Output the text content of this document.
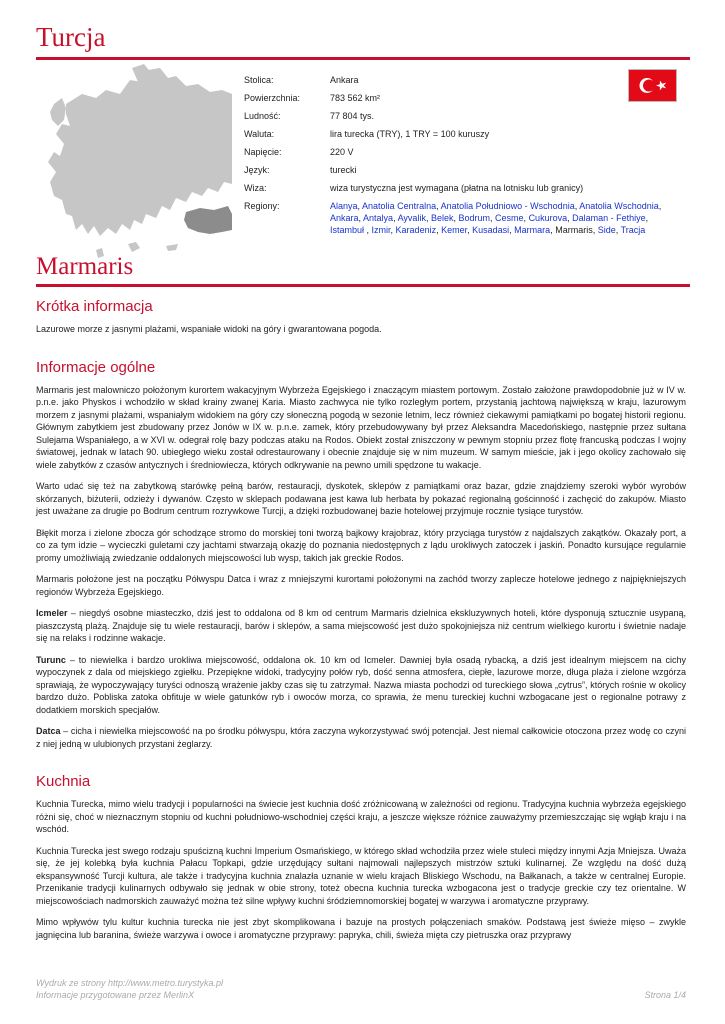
Turcja
Stolica:	Ankara
Powierzchnia:	783 562 km²
Ludność:	77 804 tys.
Waluta:	lira turecka (TRY), 1 TRY = 100 kuruszy
Napięcie:	220 V
Język:	turecki
Wiza:	wiza turystyczna jest wymagana (płatna na lotnisku lub granicy)
Regiony:	Alanya, Anatolia Centralna, Anatolia Południowo - Wschodnia, Anatolia Wschodnia, Ankara, Antalya, Ayvalik, Belek, Bodrum, Cesme, Cukurova, Dalaman - Fethiye, Istambuł , Izmir, Karadeniz, Kemer, Kusadasi, Marmara, Marmaris, Side, Tracja
Marmaris
Krótka informacja

Lazurowe morze z jasnymi plażami, wspaniałe widoki na góry i gwarantowana pogoda.

Informacje ogólne

Marmaris jest malowniczo położonym kurortem wakacyjnym Wybrzeża Egejskiego i znaczącym miastem portowym. Zostało założone prawdopodobnie już w IV w. p.n.e. jako Physkos i wchodziło w skład krainy zwanej Karia. Miasto zachwyca nie tylko rozległym portem, przystanią jachtową największą w kraju, lazurowym morzem z jasnymi plażami, wspaniałym widokiem na góry czy słoneczną pogodą w sezonie letnim, lecz również ciekawymi pamiątkami po bogatej historii regionu. Głównym zabytkiem jest zbudowany przez Jonów w IX w. p.n.e. zamek, który przebudowywany był przez Aleksandra Macedońskiego, następnie przez sułtana Sulejama Wspaniałego, a w XVI w. odegrał rolę bazy podczas ataku na Rodos. Obiekt został zniszczony w pewnym stopniu przez flotę francuską podczas I wojny światowej, jednak w latach 90. ubiegłego wieku został odrestaurowany i obecnie znajduje się w nim muzeum. W samym mieście, jak i jego okolicy zachowało się wiele zabytków z czasów antycznych i średniowiecza, których odkrywanie na pewno umili spędzone tu wakacje.

Warto udać się też na zabytkową starówkę pełną barów, restauracji, dyskotek, sklepów z pamiątkami oraz bazar, gdzie znajdziemy szeroki wybór wyrobów skórzanych, biżuterii, odzieży i dywanów. Często w sklepach podawana jest kawa lub herbata by pokazać regionalną gościnność i zachęcić do zakupów. Miasto jest uważane za drugie po Bodrum centrum rozrywkowe Turcji, a dzięki rozbudowanej bazie hotelowej przyjmuje rocznie tysiące turystów.

Błękit morza i zielone zbocza gór schodzące stromo do morskiej toni tworzą bajkowy krajobraz, który przyciąga turystów z najdalszych zakątków. Okazały port, a co za tym idzie – wycieczki guletami czy jachtami stwarzają okazję do poznania niedostępnych z lądu urokliwych zatoczek i jaskiń. Ponadto kursujące regularnie promy umożliwiają zwiedzanie oddalonych miejscowości lub wysp, takich jak greckie Rodos.

Marmaris położone jest na początku Półwyspu Datca i wraz z mniejszymi kurortami położonymi na zachód tworzy zaplecze hotelowe jednego z najpiękniejszych regionów Wybrzeża Egejskiego.

Icmeler – niegdyś osobne miasteczko, dziś jest to oddalona od 8 km od centrum Marmaris dzielnica ekskluzywnych hoteli, które dysponują sztucznie usypaną, piaszczystą plażą. Znajduje się tu wiele restauracji, barów i sklepów, a sama miejscowość jest dużo spokojniejsza niż centrum wielkiego kurortu i świetnie nadaje się na relaks i rodzinne wakacje.

Turunc – to niewielka i bardzo urokliwa miejscowość, oddalona ok. 10 km od Icmeler. Dawniej była osadą rybacką, a dziś jest idealnym miejscem na cichy wypoczynek z dala od miejskiego zgiełku. Przepiękne widoki, tradycyjny połów ryb, dość senna atmosfera, ciepłe, lazurowe morze, długa plaża i zielone wzgórza sprawiają, że wypoczywający turyści odnoszą wrażenie jakby czas się tu zatrzymał. Nazwa miasta pochodzi od tureckiego słowa „cytrus”, których rośnie w okolicy bardzo dużo. Pobliska zatoka obfituje w wiele gatunków ryb i owoców morza, co sprawia, że menu tureckiej kuchni wzbogacane jest o regionalne potrawy z dodatkiem morskich specjałów.

Datca – cicha i niewielka miejscowość na po środku półwyspu, która zaczyna wykorzystywać swój potencjał. Jest niemal całkowicie otoczona przez wodę co czyni z niej jedną w ulubionych przystani żeglarzy.

Kuchnia

Kuchnia Turecka, mimo wielu tradycji i popularności na świecie jest kuchnia dość zróżnicowaną w zależności od regionu. Tradycyjna kuchnia wybrzeża egejskiego różni się, choć w nieznacznym stopniu od kuchni południowo-wschodniej części kraju, a jeszcze większe różnice zauważymy przemieszczając się wgłąb kraju i na wschód.

Kuchnia Turecka jest swego rodzaju spuścizną kuchni Imperium Osmańskiego, w którego skład wchodziła przez wiele stuleci między innymi Azja Mniejsza. Uważa się, że jej kolebką była kuchnia Pałacu Topkapi, gdzie urzędujący sułtani najmowali najlepszych mistrzów sztuki kulinarnej. Ze względu na dość dużą ekspansywność Turcji kultura, ale także i tradycyjna kuchnia znalazła uznanie w wielu krajach Bliskiego Wschodu, na Bałkanach, a także w centralnej Europie. Przenikanie tradycji kulinarnych odbywało się jednak w obie strony, toteż obecna kuchnia turecka wzbogacona jest o tradycje greckie czy tez orientalne. W miejscowościach nadmorskich zauważyć można też silne wpływy kuchni śródziemnomorskiej bogatej w warzywa i aromatyczne przyprawy.

Mimo wpływów tylu kultur kuchnia turecka nie jest zbyt skomplikowana i bazuje na prostych połączeniach smaków. Podstawą jest świeże mięso – zwykle jagnięcina lub baranina, świeże warzywa i owoce i aromatyczne przyprawy: papryka, chili, świeża mięta czy pietruszka oraz przyprawy

Wydruk ze strony http://www.metro.turystyka.pl
Informacje przygotowane przez MerlinX	Strona 1/4
